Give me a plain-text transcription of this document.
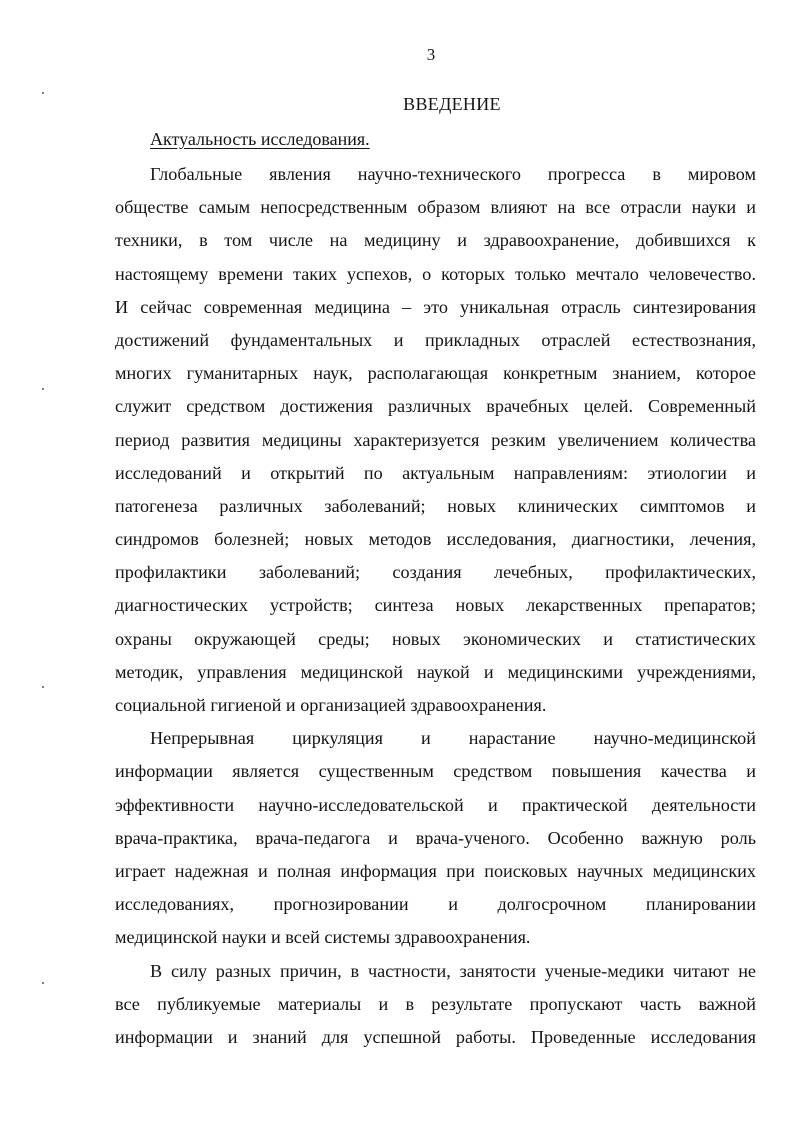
3
ВВЕДЕНИЕ
Актуальность исследования.
Глобальные явления научно-технического прогресса в мировом
обществе самым непосредственным образом влияют на все отрасли науки и
техники, в том числе на медицину и здравоохранение, добившихся к
настоящему времени таких успехов, о которых только мечтало человечество.
И сейчас современная медицина – это уникальная отрасль синтезирования
достижений фундаментальных и прикладных отраслей естествознания,
многих гуманитарных наук, располагающая конкретным знанием, которое
служит средством достижения различных врачебных целей. Современный
период развития медицины характеризуется резким увеличением количества
исследований и открытий по актуальным направлениям: этиологии и
патогенеза различных заболеваний; новых клинических симптомов и
синдромов болезней; новых методов исследования, диагностики, лечения,
профилактики заболеваний; создания лечебных, профилактических,
диагностических устройств; синтеза новых лекарственных препаратов;
охраны окружающей среды; новых экономических и статистических
методик, управления медицинской наукой и медицинскими учреждениями,
социальной гигиеной и организацией здравоохранения.
Непрерывная циркуляция и нарастание научно-медицинской
информации является существенным средством повышения качества и
эффективности научно-исследовательской и практической деятельности
врача-практика, врача-педагога и врача-ученого. Особенно важную роль
играет надежная и полная информация при поисковых научных медицинских
исследованиях, прогнозировании и долгосрочном планировании
медицинской науки и всей системы здравоохранения.
В силу разных причин, в частности, занятости ученые-медики читают не
все публикуемые материалы и в результате пропускают часть важной
информации и знаний для успешной работы. Проведенные исследования
